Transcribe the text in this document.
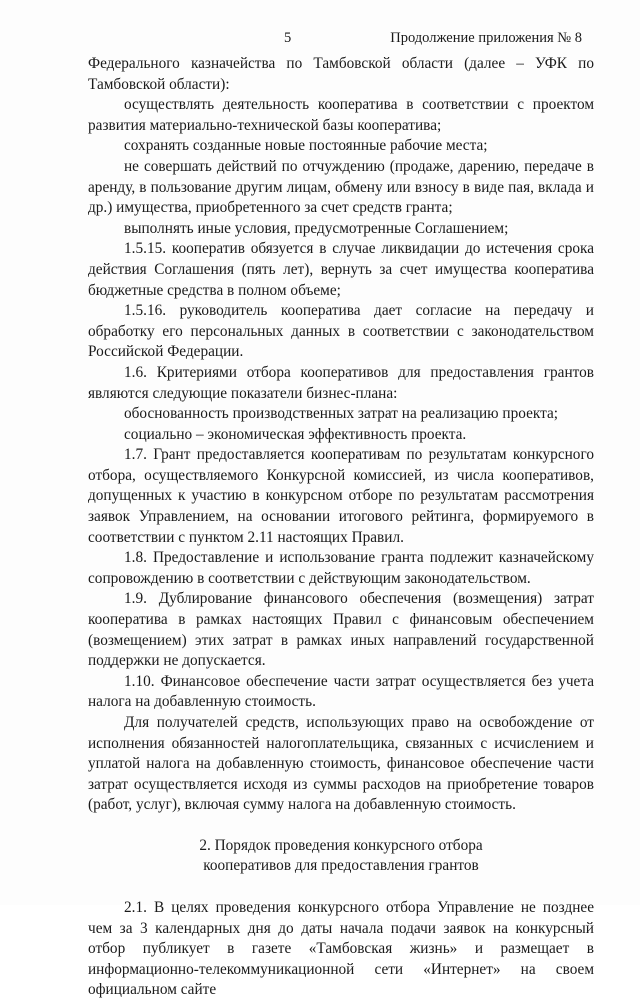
5	Продолжение приложения № 8

Федерального казначейства по Тамбовской области (далее – УФК по Тамбовской области):

осуществлять деятельность кооператива в соответствии с проектом развития материально-технической базы кооператива;

сохранять созданные новые постоянные рабочие места;

не совершать действий по отчуждению (продаже, дарению, передаче в аренду, в пользование другим лицам, обмену или взносу в виде пая, вклада и др.) имущества, приобретенного за счет средств гранта;

выполнять иные условия, предусмотренные Соглашением;

1.5.15. кооператив обязуется в случае ликвидации до истечения срока действия Соглашения (пять лет), вернуть за счет имущества кооператива бюджетные средства в полном объеме;

1.5.16. руководитель кооператива дает согласие на передачу и обработку его персональных данных в соответствии с законодательством Российской Федерации.

1.6. Критериями отбора кооперативов для предоставления грантов являются следующие показатели бизнес-плана:

обоснованность производственных затрат на реализацию проекта;

социально – экономическая эффективность проекта.

1.7. Грант предоставляется кооперативам по результатам конкурсного отбора, осуществляемого Конкурсной комиссией, из числа кооперативов, допущенных к участию в конкурсном отборе по результатам рассмотрения заявок Управлением, на основании итогового рейтинга, формируемого в соответствии с пунктом 2.11 настоящих Правил.

1.8. Предоставление и использование гранта подлежит казначейскому сопровождению в соответствии с действующим законодательством.

1.9. Дублирование финансового обеспечения (возмещения) затрат кооператива в рамках настоящих Правил с финансовым обеспечением (возмещением) этих затрат в рамках иных направлений государственной поддержки не допускается.

1.10. Финансовое обеспечение части затрат осуществляется без учета налога на добавленную стоимость.

Для получателей средств, использующих право на освобождение от исполнения обязанностей налогоплательщика, связанных с исчислением и уплатой налога на добавленную стоимость, финансовое обеспечение части затрат осуществляется исходя из суммы расходов на приобретение товаров (работ, услуг), включая сумму налога на добавленную стоимость.

2. Порядок проведения конкурсного отбора

кооперативов для предоставления грантов

2.1. В целях проведения конкурсного отбора Управление не позднее чем за 3 календарных дня до даты начала подачи заявок на конкурсный отбор публикует в газете «Тамбовская жизнь» и размещает в информационно-телекоммуникационной сети «Интернет» на своем официальном сайте
